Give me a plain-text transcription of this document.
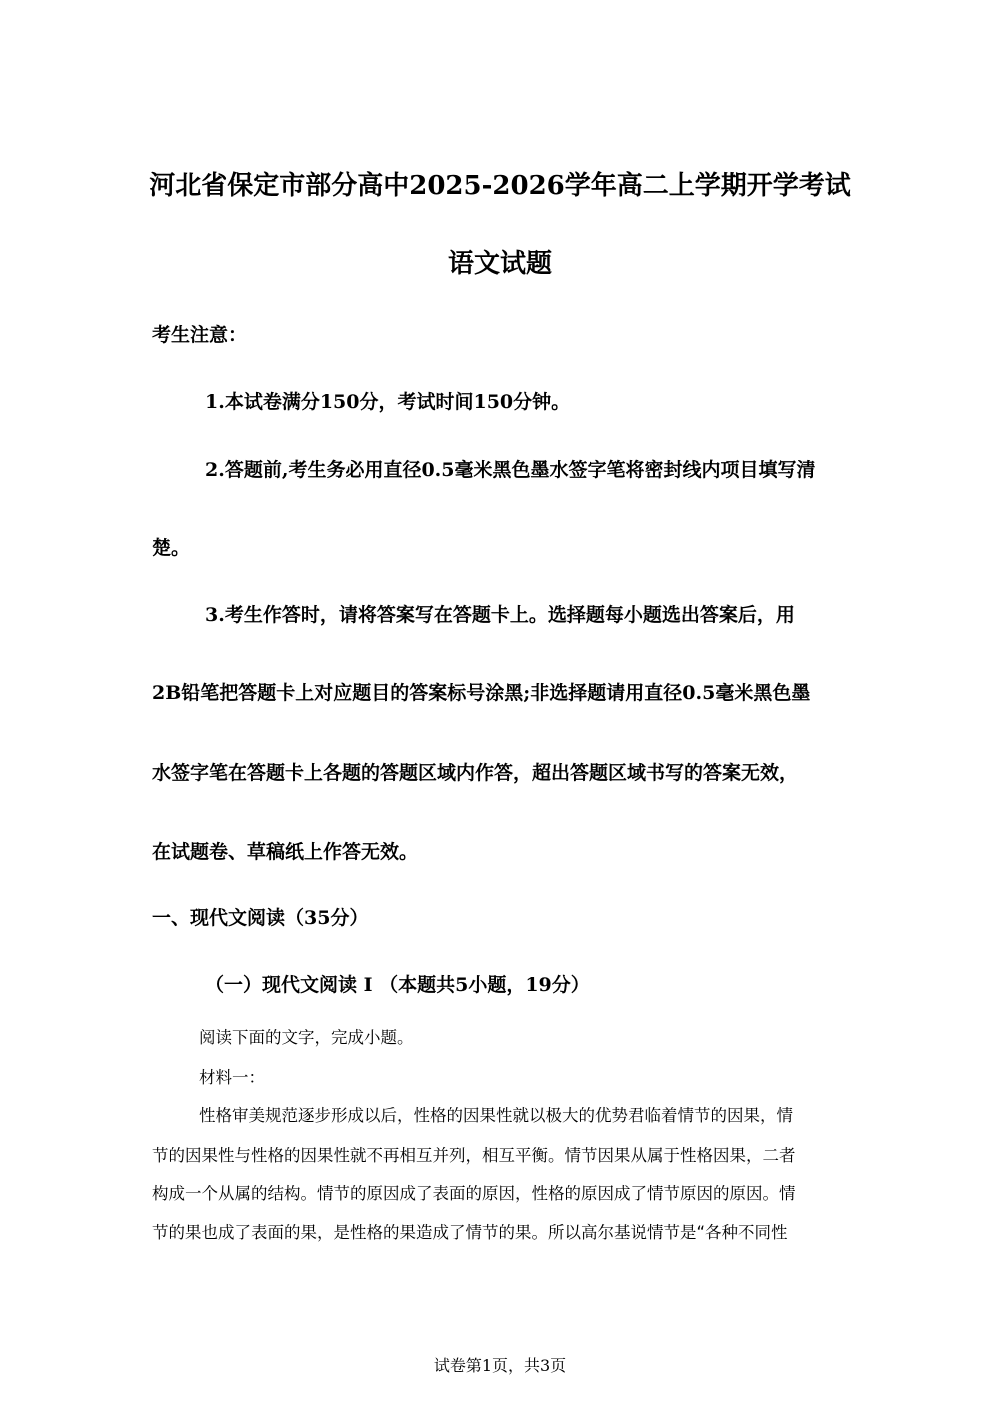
河北省保定市部分高中2025-2026学年高二上学期开学考试
语文试题
考生注意：
1.本试卷满分150分，考试时间150分钟。
2.答题前,考生务必用直径0.5毫米黑色墨水签字笔将密封线内项目填写清
楚。
3.考生作答时，请将答案写在答题卡上。选择题每小题选出答案后，用
2B铅笔把答题卡上对应题目的答案标号涂黑;非选择题请用直径0.5毫米黑色墨
水签字笔在答题卡上各题的答题区域内作答，超出答题区域书写的答案无效，
在试题卷、草稿纸上作答无效。
一、现代文阅读（35分）
（一）现代文阅读 I （本题共5小题，19分）
阅读下面的文字，完成小题。
材料一：
性格审美规范逐步形成以后，性格的因果性就以极大的优势君临着情节的因果，情
节的因果性与性格的因果性就不再相互并列，相互平衡。情节因果从属于性格因果，二者
构成一个从属的结构。情节的原因成了表面的原因，性格的原因成了情节原因的原因。情
节的果也成了表面的果，是性格的果造成了情节的果。所以高尔基说情节是“各种不同性
试卷第1页，共3页
